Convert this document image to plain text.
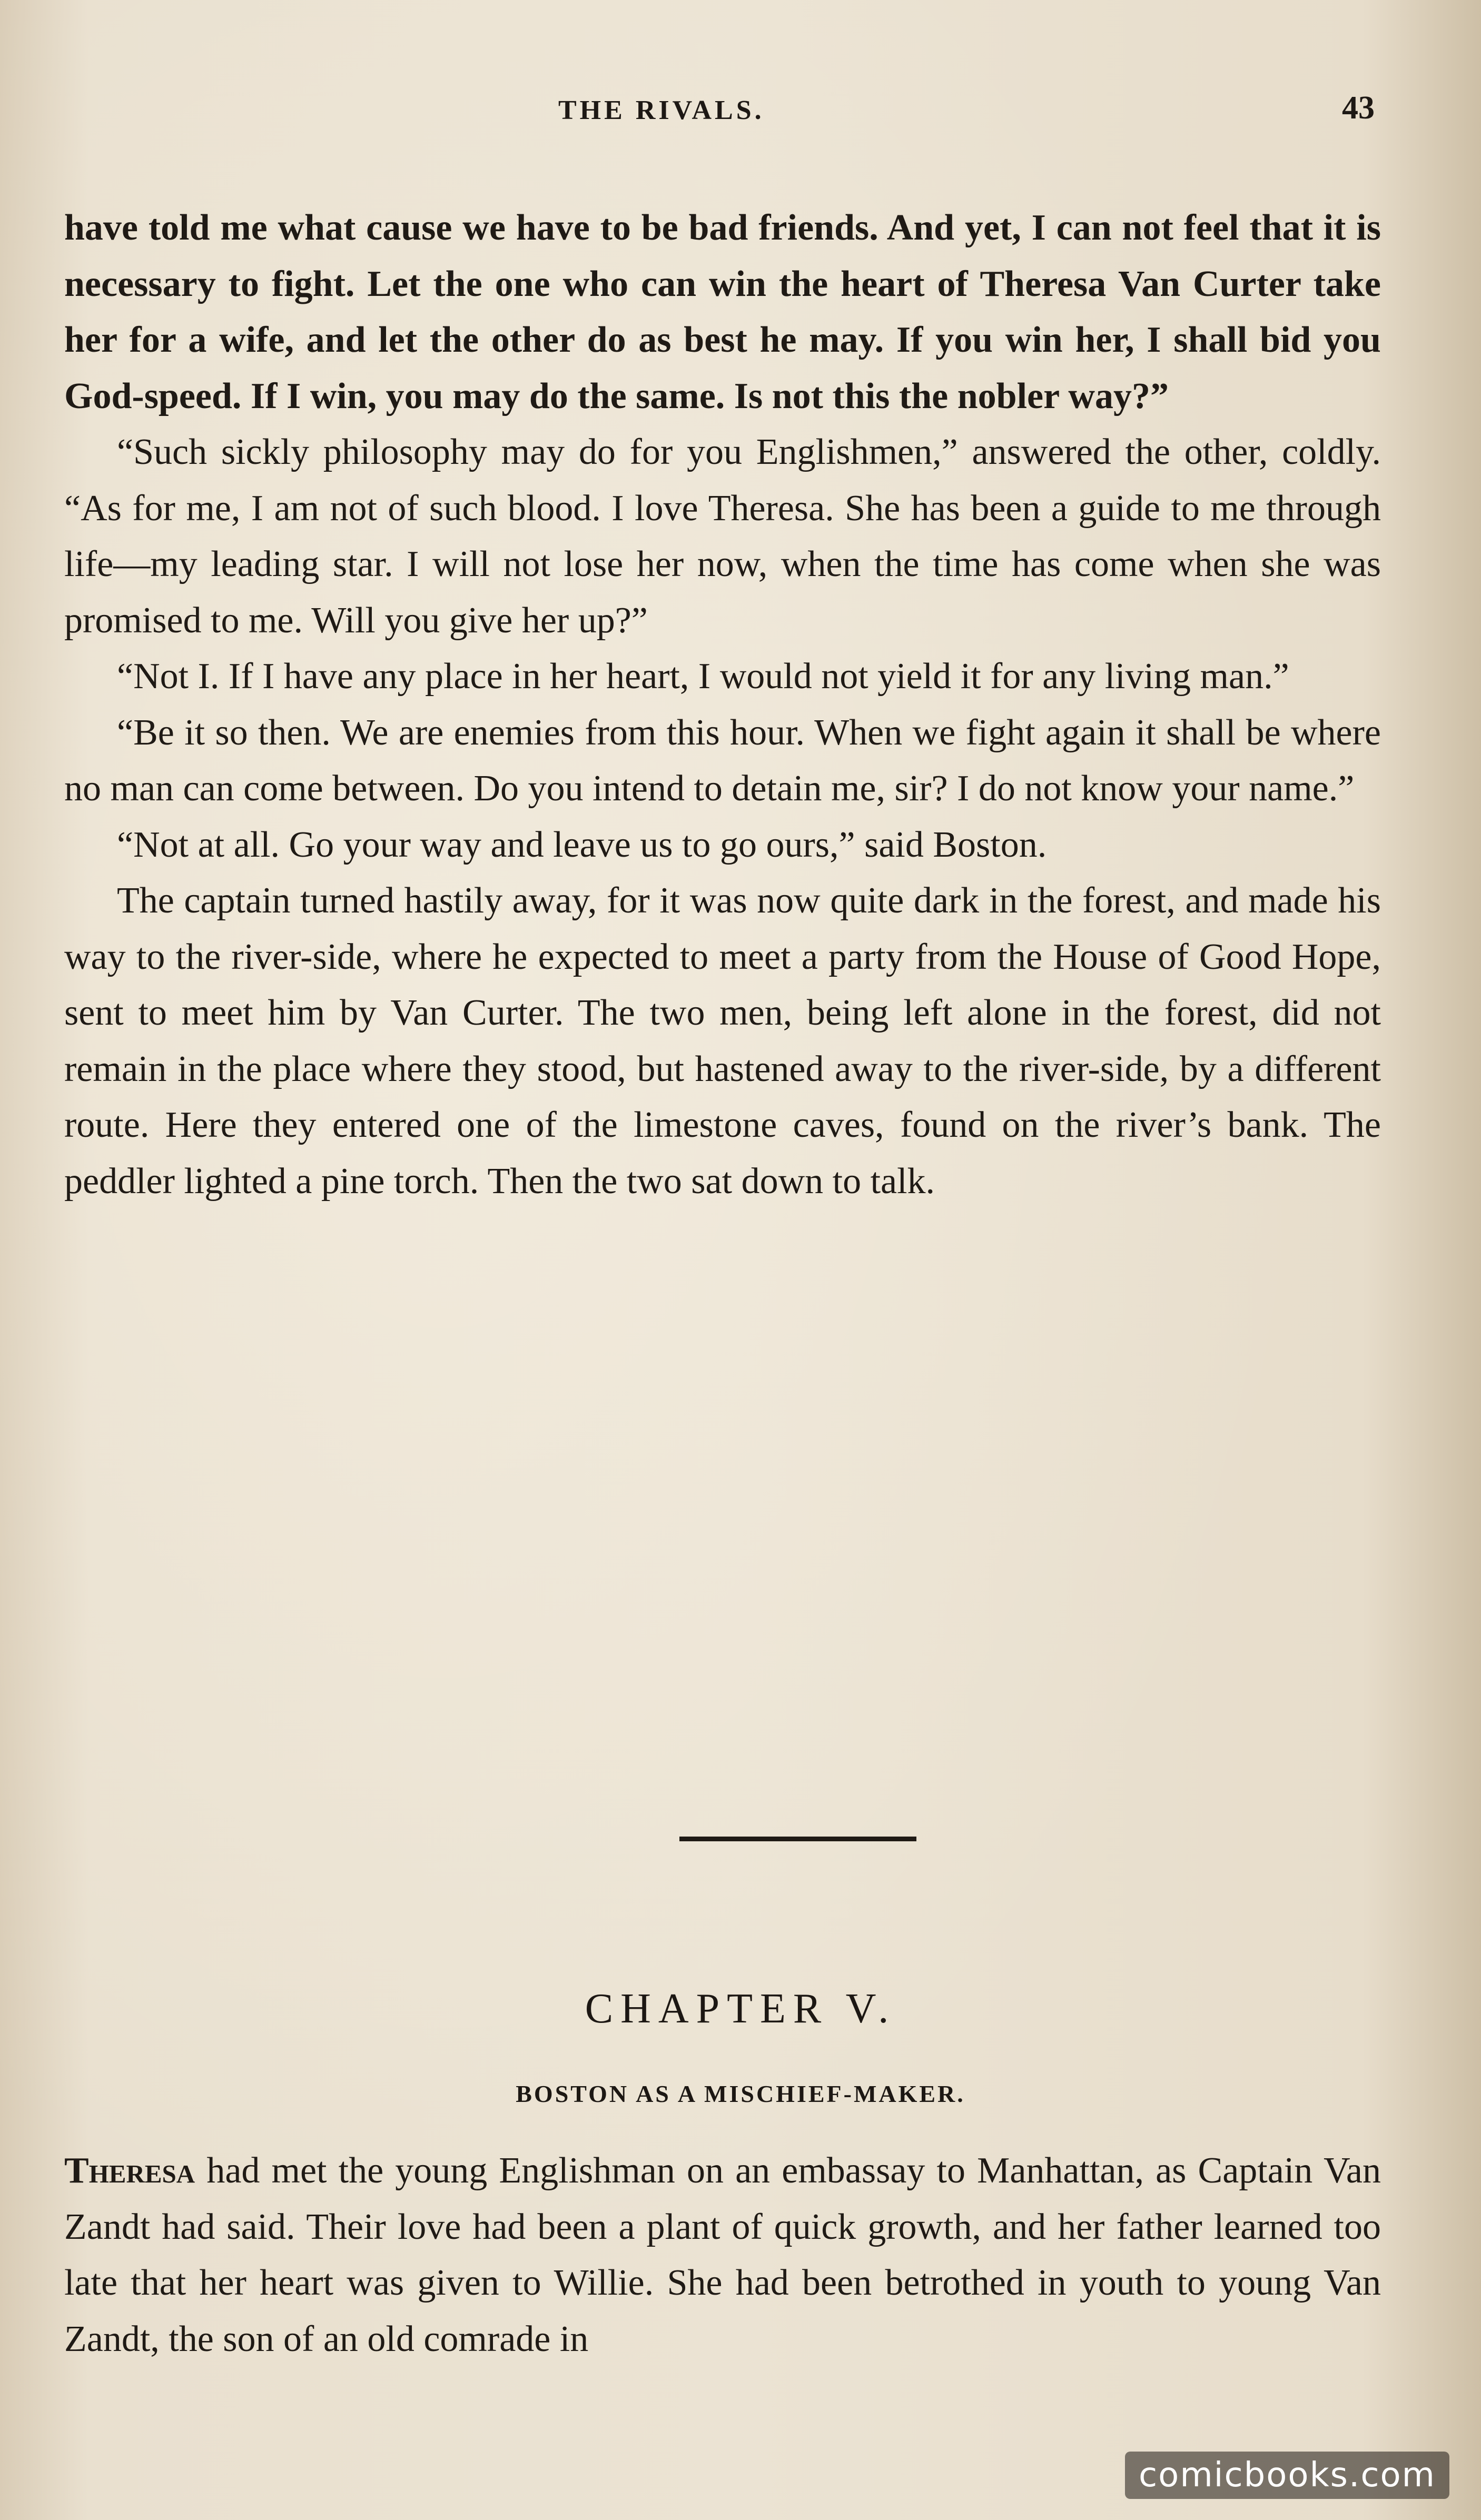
THE RIVALS.	43

have told me what cause we have to be bad friends. And yet, I can not feel that it is necessary to fight. Let the one who can win the heart of Theresa Van Curter take her for a wife, and let the other do as best he may. If you win her, I shall bid you God-speed. If I win, you may do the same. Is not this the nobler way?”

“Such sickly philosophy may do for you Englishmen,” answered the other, coldly. “As for me, I am not of such blood. I love Theresa. She has been a guide to me through life—my leading star. I will not lose her now, when the time has come when she was promised to me. Will you give her up?”

“Not I. If I have any place in her heart, I would not yield it for any living man.”

“Be it so then. We are enemies from this hour. When we fight again it shall be where no man can come between. Do you intend to detain me, sir? I do not know your name.”

“Not at all. Go your way and leave us to go ours,” said Boston.

The captain turned hastily away, for it was now quite dark in the forest, and made his way to the river-side, where he expected to meet a party from the House of Good Hope, sent to meet him by Van Curter. The two men, being left alone in the forest, did not remain in the place where they stood, but hastened away to the river-side, by a different route. Here they entered one of the limestone caves, found on the river’s bank. The peddler lighted a pine torch. Then the two sat down to talk.

CHAPTER V.
BOSTON AS A MISCHIEF-MAKER.

Theresa had met the young Englishman on an embassay to Manhattan, as Captain Van Zandt had said. Their love had been a plant of quick growth, and her father learned too late that her heart was given to Willie. She had been betrothed in youth to young Van Zandt, the son of an old comrade in

comicbooks.com
